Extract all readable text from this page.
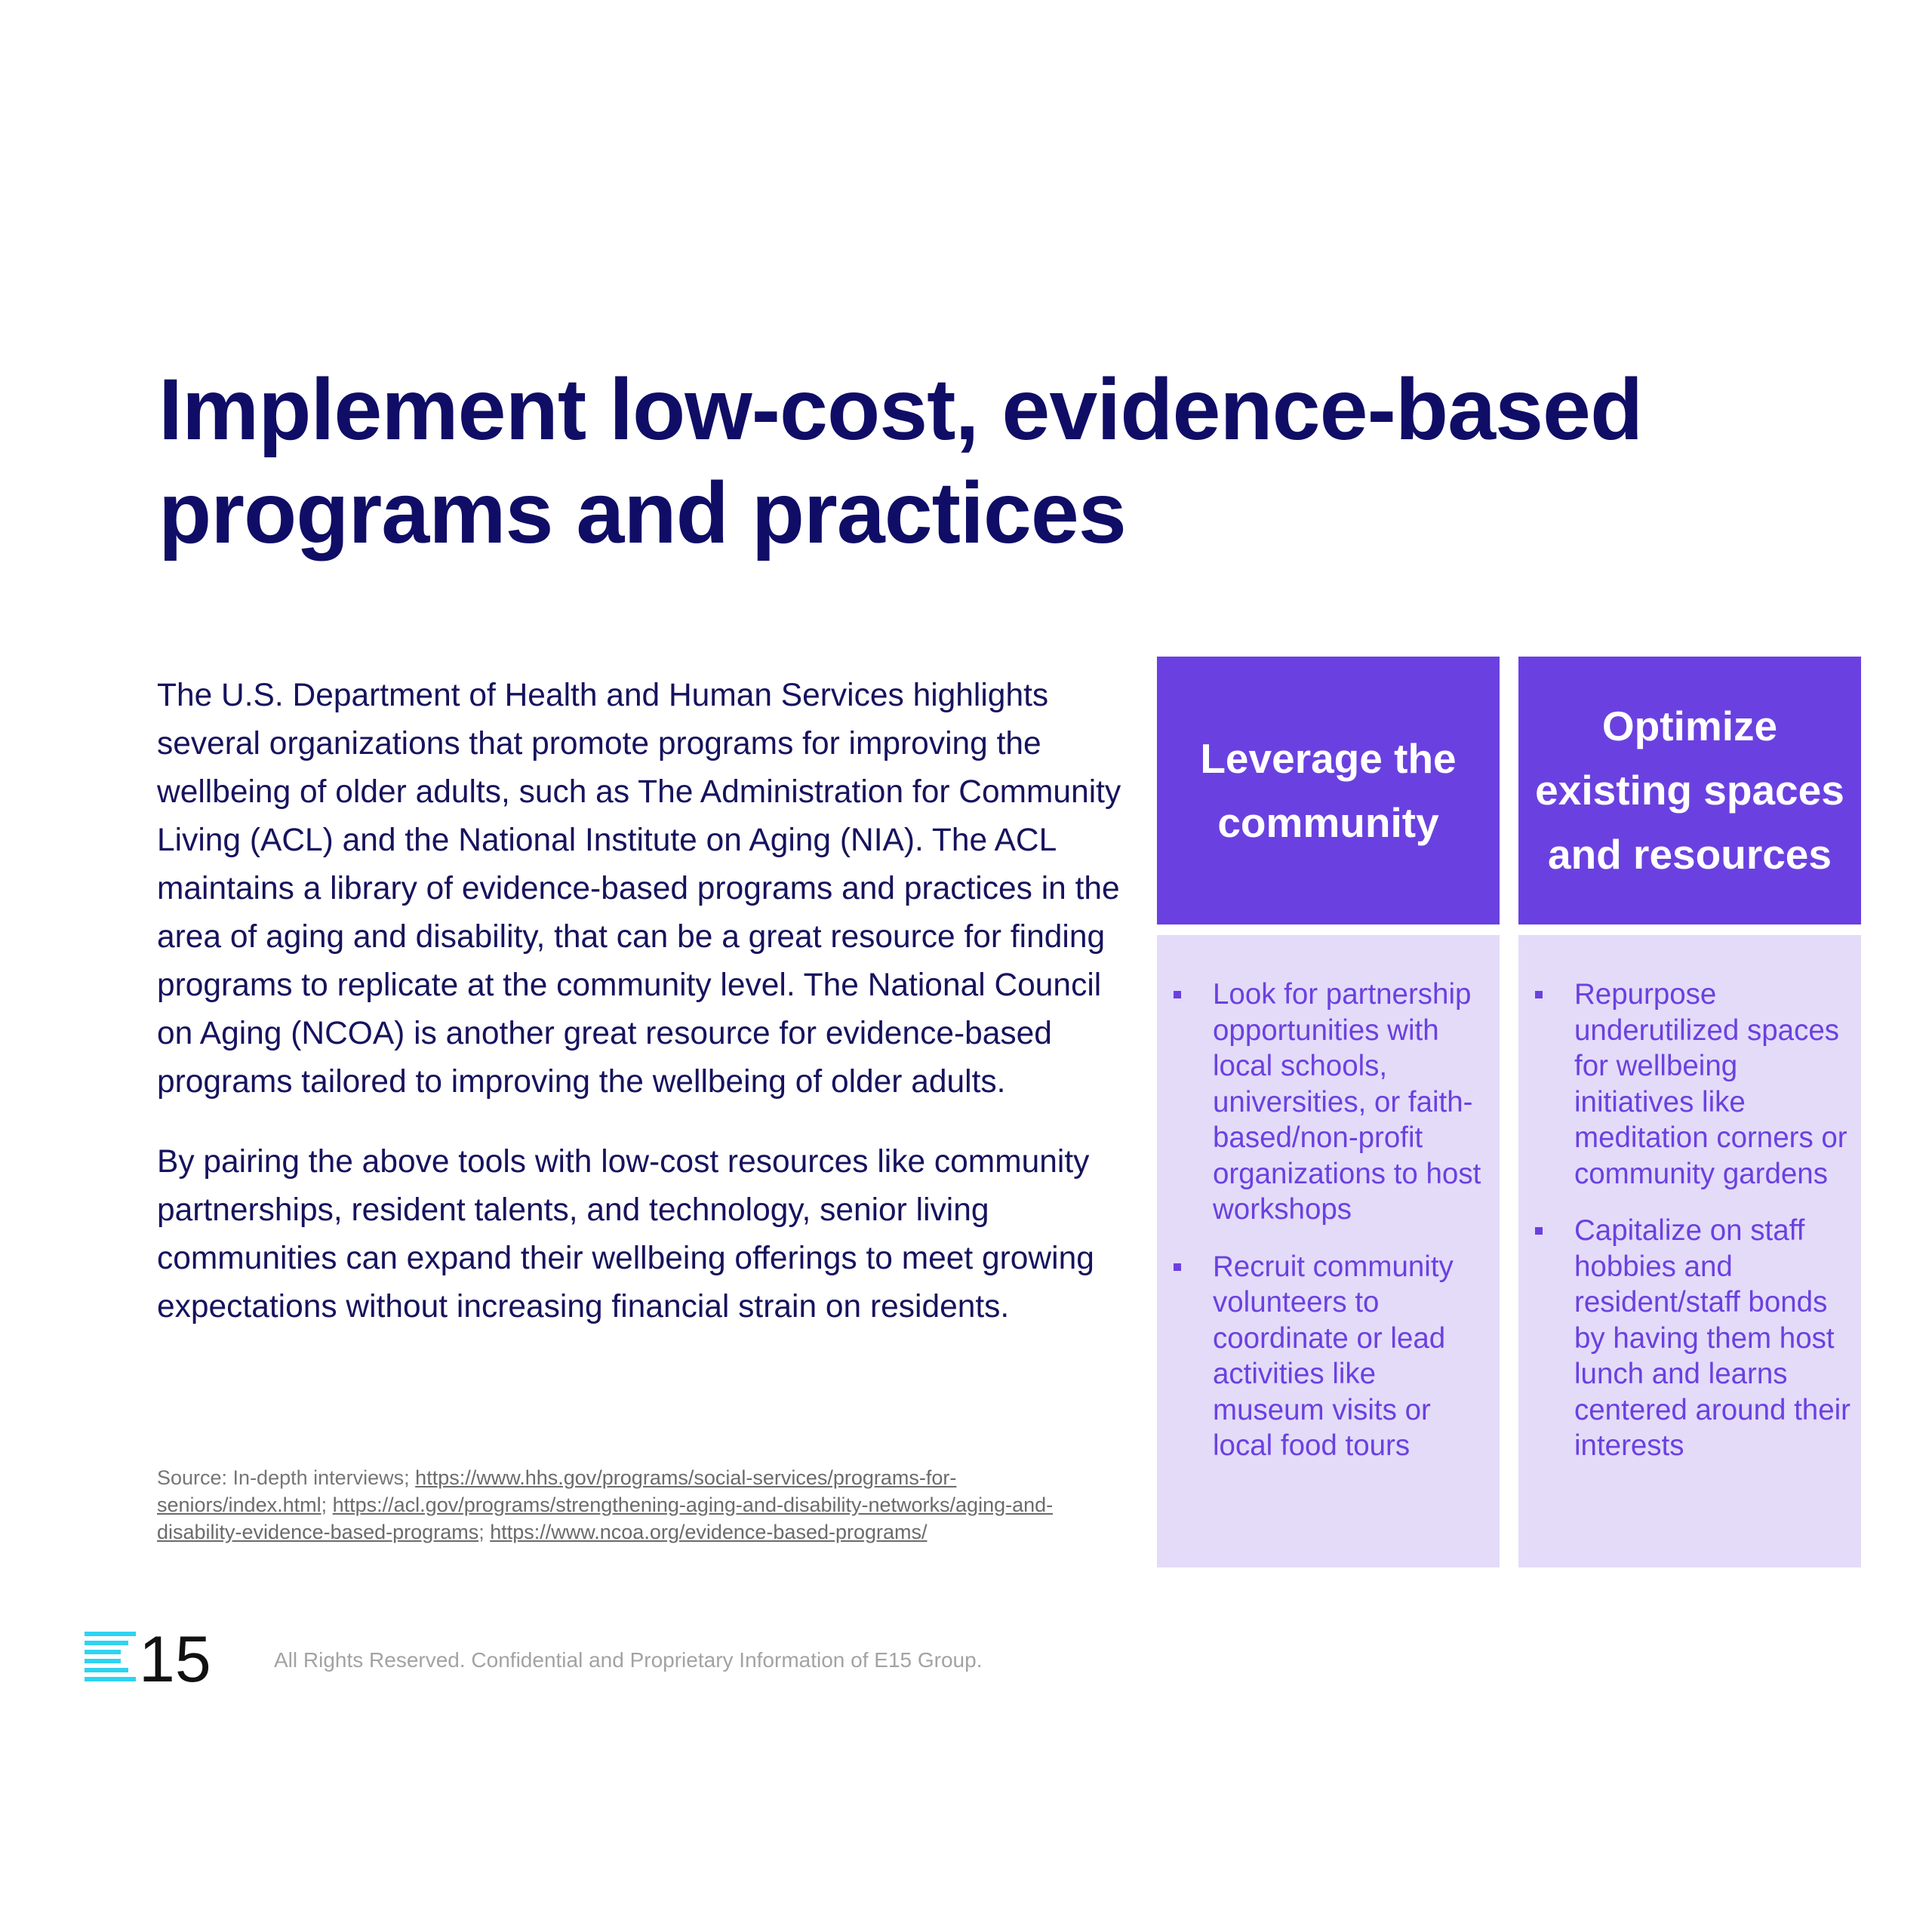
Implement low-cost, evidence-based programs and practices

The U.S. Department of Health and Human Services highlights several organizations that promote programs for improving the wellbeing of older adults, such as The Administration for Community Living (ACL) and the National Institute on Aging (NIA). The ACL maintains a library of evidence-based programs and practices in the area of aging and disability, that can be a great resource for finding programs to replicate at the community level. The National Council on Aging (NCOA) is another great resource for evidence-based programs tailored to improving the wellbeing of older adults.

By pairing the above tools with low-cost resources like community partnerships, resident talents, and technology, senior living communities can expand their wellbeing offerings to meet growing expectations without increasing financial strain on residents.

Source: In-depth interviews; https://www.hhs.gov/programs/social-services/programs-for-seniors/index.html; https://acl.gov/programs/strengthening-aging-and-disability-networks/aging-and-disability-evidence-based-programs; https://www.ncoa.org/evidence-based-programs/
Leverage the community
Look for partnership opportunities with local schools, universities, or faith-based/non-profit organizations to host workshops
Recruit community volunteers to coordinate or lead activities like museum visits or local food tours
Optimize existing spaces and resources
Repurpose underutilized spaces for wellbeing initiatives like meditation corners or community gardens
Capitalize on staff hobbies and resident/staff bonds by having them host lunch and learns centered around their interests
15	All Rights Reserved. Confidential and Proprietary Information of E15 Group.
